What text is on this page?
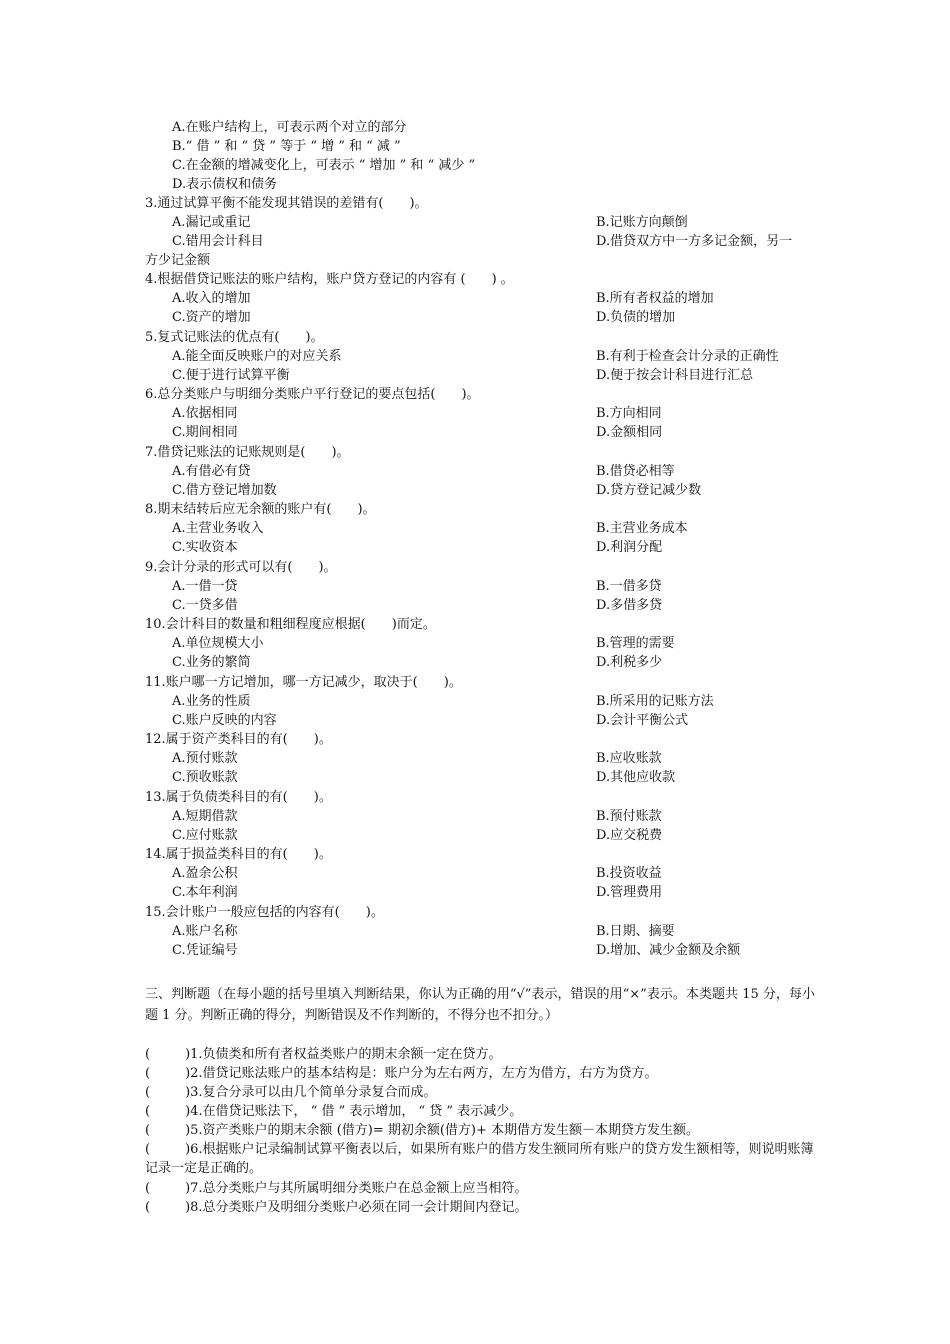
A.在账户结构上，可表示两个对立的部分
B.“ 借 ” 和 “ 贷 ” 等于 “ 增 ” 和 “ 减 ”
C.在金额的增减变化上，可表示 “ 增加 ” 和 “ 减少 ”
D.表示债权和债务
3.通过试算平衡不能发现其错误的差错有(　　)。
A.漏记或重记	B.记账方向颠倒
C.错用会计科目	D.借贷双方中一方多记金额，另一
方少记金额
4.根据借贷记账法的账户结构，账户贷方登记的内容有 (　　) 。
A.收入的增加	B.所有者权益的增加
C.资产的增加	D.负债的增加
5.复式记账法的优点有(　　)。
A.能全面反映账户的对应关系	B.有利于检查会计分录的正确性
C.便于进行试算平衡	D.便于按会计科目进行汇总
6.总分类账户与明细分类账户平行登记的要点包括(　　)。
A.依据相同	B.方向相同
C.期间相同	D.金额相同
7.借贷记账法的记账规则是(　　)。
A.有借必有贷	B.借贷必相等
C.借方登记增加数	D.贷方登记减少数
8.期末结转后应无余额的账户有(　　)。
A.主营业务收入	B.主营业务成本
C.实收资本	D.利润分配
9.会计分录的形式可以有(　　)。
A.一借一贷	B.一借多贷
C.一贷多借	D.多借多贷
10.会计科目的数量和粗细程度应根据(　　)而定。
A.单位规模大小	B.管理的需要
C.业务的繁简	D.利税多少
11.账户哪一方记增加，哪一方记减少，取决于(　　)。
A.业务的性质	B.所采用的记账方法
C.账户反映的内容	D.会计平衡公式
12.属于资产类科目的有(　　)。
A.预付账款	B.应收账款
C.预收账款	D.其他应收款
13.属于负债类科目的有(　　)。
A.短期借款	B.预付账款
C.应付账款	D.应交税费
14.属于损益类科目的有(　　)。
A.盈余公积	B.投资收益
C.本年利润	D.管理费用
15.会计账户一般应包括的内容有(　　)。
A.账户名称	B.日期、摘要
C.凭证编号	D.增加、减少金额及余额
三、判断题（在每小题的括号里填入判断结果，你认为正确的用“√”表示，错误的用“×”表示。本类题共 15 分，每小题 1 分。判断正确的得分，判断错误及不作判断的，不得分也不扣分。）
(	)1.负债类和所有者权益类账户的期末余额一定在贷方。
(	)2.借贷记账法账户的基本结构是：账户分为左右两方，左方为借方，右方为贷方。
(	)3.复合分录可以由几个简单分录复合而成。
(	)4.在借贷记账法下， “ 借 ” 表示增加， “ 贷 ” 表示减少。
(	)5.资产类账户的期末余额 (借方)= 期初余额(借方)+ 本期借方发生额－本期贷方发生额。
(	)6.根据账户记录编制试算平衡表以后，如果所有账户的借方发生额同所有账户的贷方发生额相等，则说明账簿记录一定是正确的。
(	)7.总分类账户与其所属明细分类账户在总金额上应当相符。
(	)8.总分类账户及明细分类账户必须在同一会计期间内登记。
